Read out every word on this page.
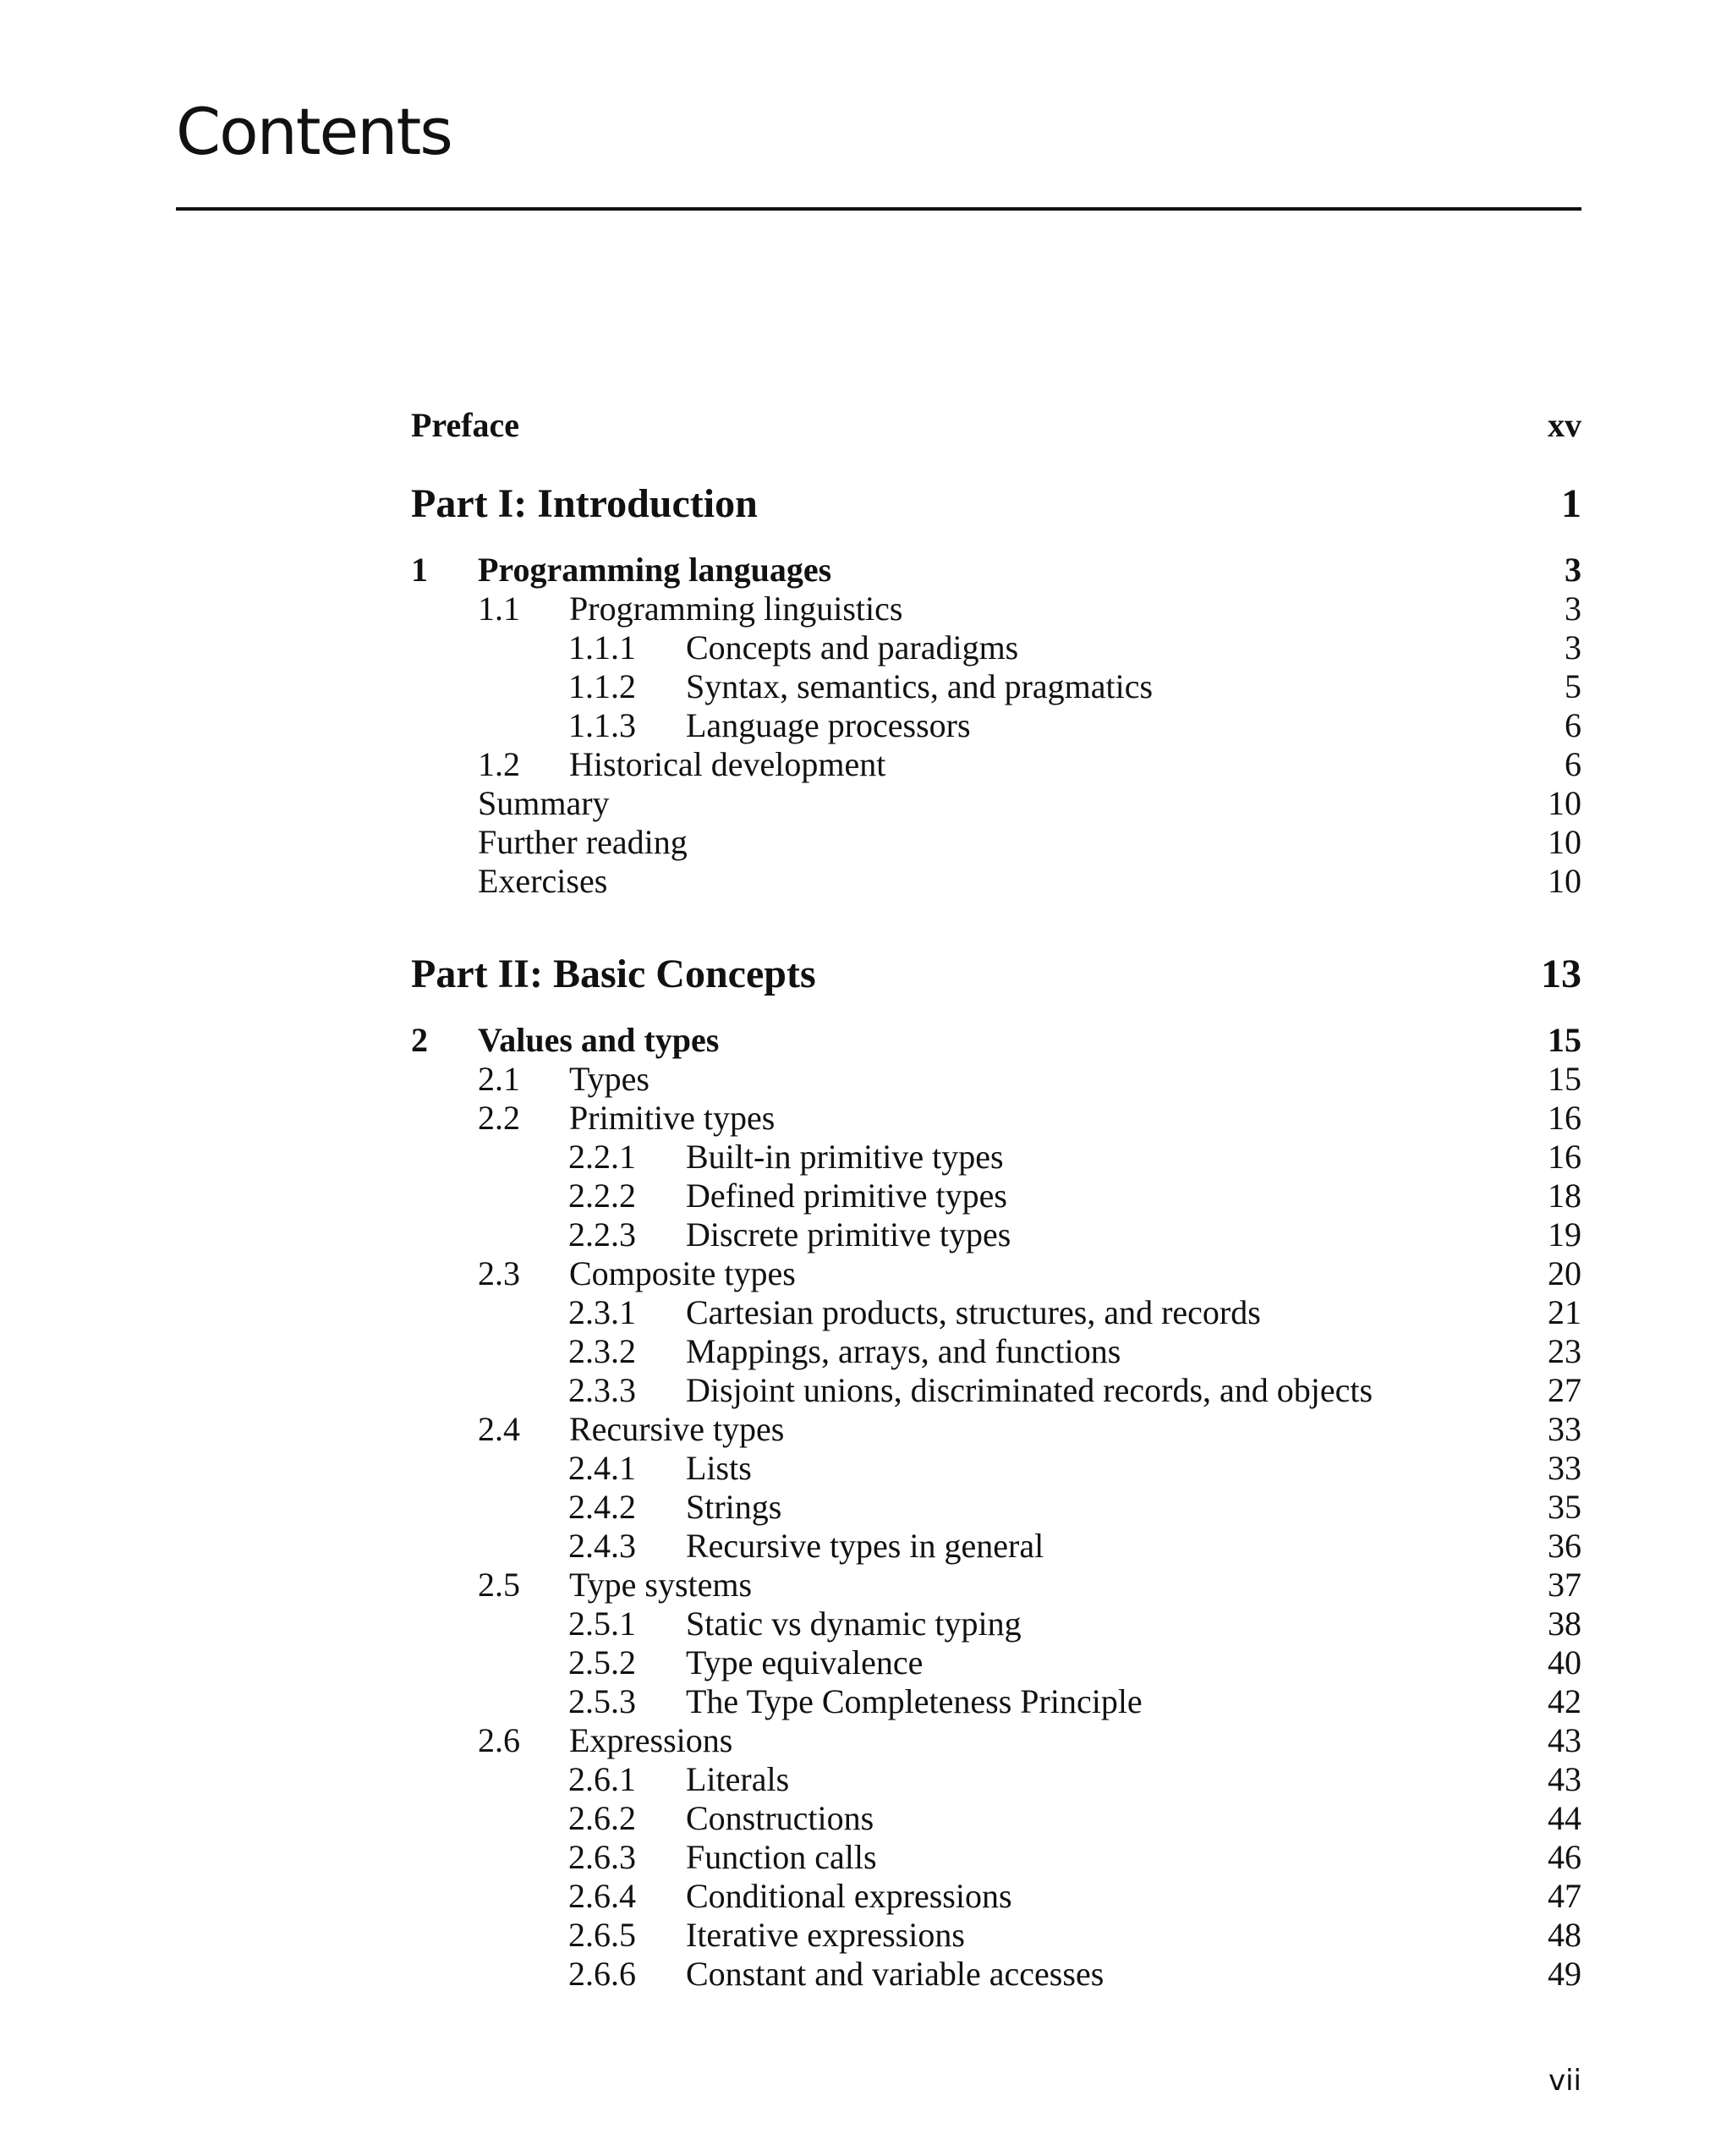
Contents
Preface	xv
Part I: Introduction	1
1	Programming languages	3
1.1	Programming linguistics	3
1.1.1	Concepts and paradigms	3
1.1.2	Syntax, semantics, and pragmatics	5
1.1.3	Language processors	6
1.2	Historical development	6
Summary	10
Further reading	10
Exercises	10
Part II: Basic Concepts	13
2	Values and types	15
2.1	Types	15
2.2	Primitive types	16
2.2.1	Built-in primitive types	16
2.2.2	Defined primitive types	18
2.2.3	Discrete primitive types	19
2.3	Composite types	20
2.3.1	Cartesian products, structures, and records	21
2.3.2	Mappings, arrays, and functions	23
2.3.3	Disjoint unions, discriminated records, and objects	27
2.4	Recursive types	33
2.4.1	Lists	33
2.4.2	Strings	35
2.4.3	Recursive types in general	36
2.5	Type systems	37
2.5.1	Static vs dynamic typing	38
2.5.2	Type equivalence	40
2.5.3	The Type Completeness Principle	42
2.6	Expressions	43
2.6.1	Literals	43
2.6.2	Constructions	44
2.6.3	Function calls	46
2.6.4	Conditional expressions	47
2.6.5	Iterative expressions	48
2.6.6	Constant and variable accesses	49
vii
